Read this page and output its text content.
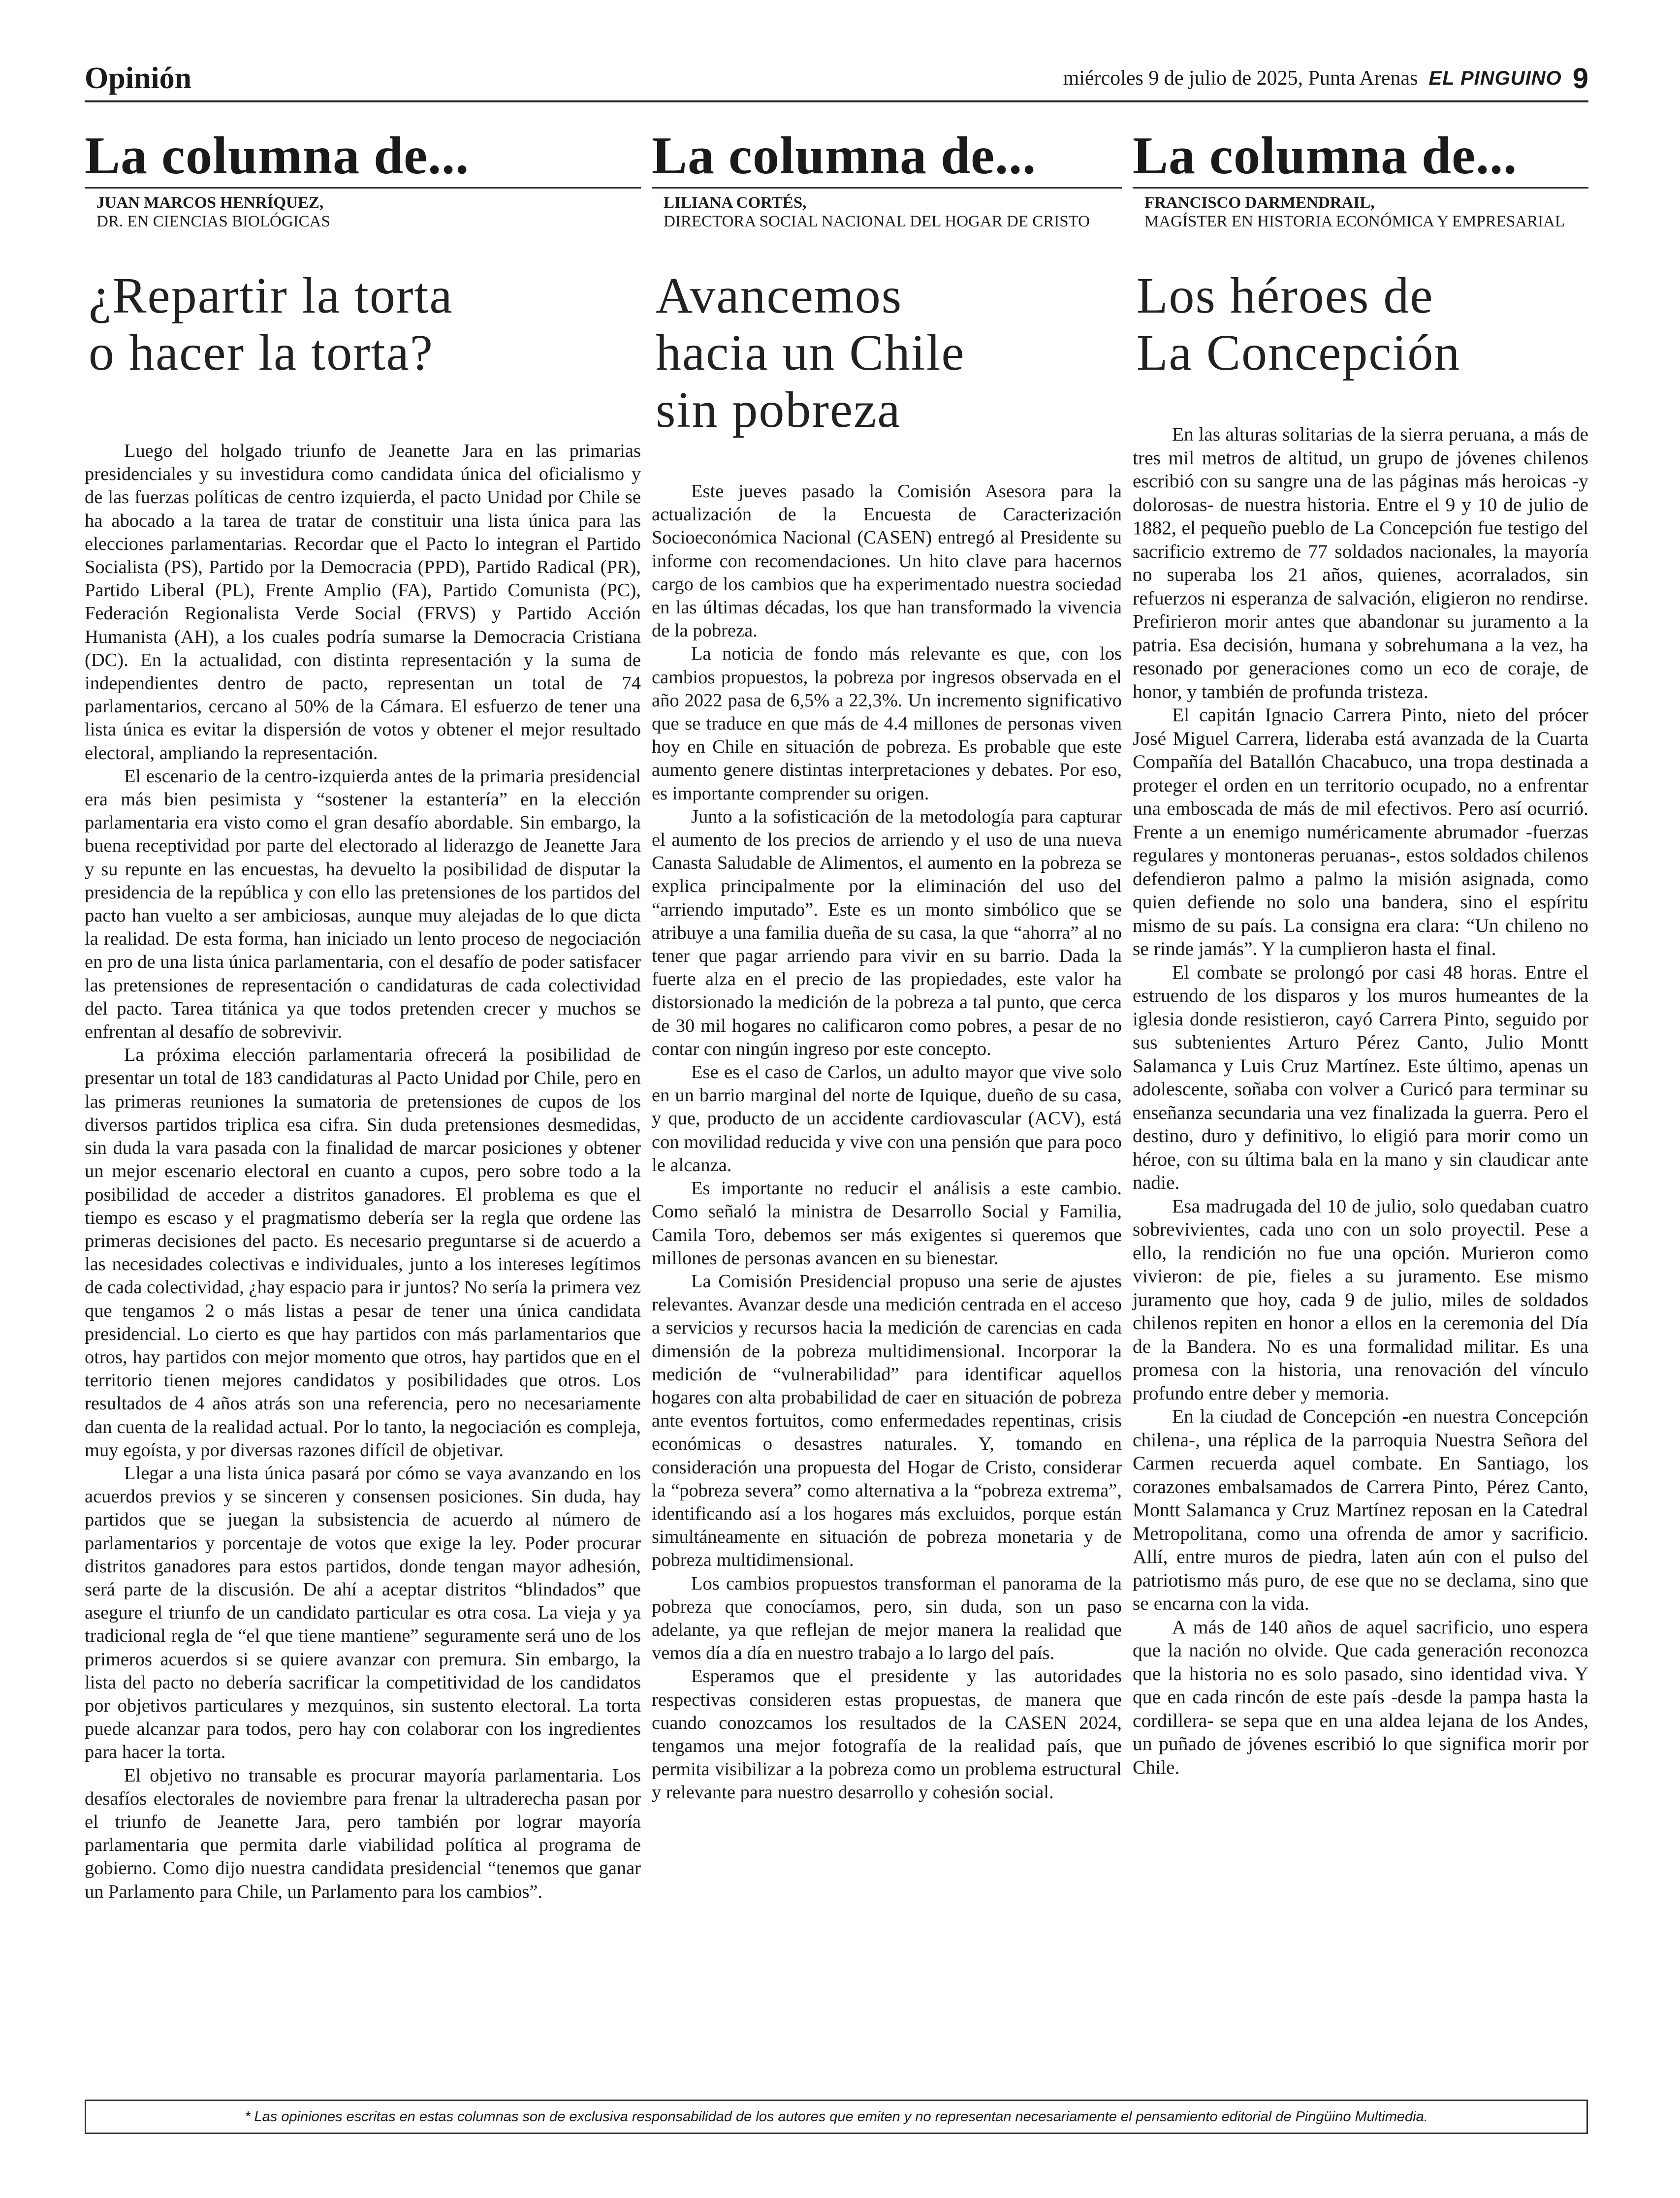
Opinión	miércoles 9 de julio de 2025, Punta Arenas EL PINGUINO 9
La columna de...
JUAN MARCOS HENRÍQUEZ,
DR. EN CIENCIAS BIOLÓGICAS
¿Repartir la torta
o hacer la torta?

Luego del holgado triunfo de Jeanette Jara en las primarias presidenciales y su investidura como candidata única del oficialismo y de las fuerzas políticas de centro izquierda, el pacto Unidad por Chile se ha abocado a la tarea de tratar de constituir una lista única para las elecciones parlamentarias. Recordar que el Pacto lo integran el Partido Socialista (PS), Partido por la Democracia (PPD), Partido Radical (PR), Partido Liberal (PL), Frente Amplio (FA), Partido Comunista (PC), Federación Regionalista Verde Social (FRVS) y Partido Acción Humanista (AH), a los cuales podría sumarse la Democracia Cristiana (DC). En la actualidad, con distinta representación y la suma de independientes dentro de pacto, representan un total de 74 parlamentarios, cercano al 50% de la Cámara. El esfuerzo de tener una lista única es evitar la dispersión de votos y obtener el mejor resultado electoral, ampliando la representación.

El escenario de la centro-izquierda antes de la primaria presidencial era más bien pesimista y “sostener la estantería” en la elección parlamentaria era visto como el gran desafío abordable. Sin embargo, la buena receptividad por parte del electorado al liderazgo de Jeanette Jara y su repunte en las encuestas, ha devuelto la posibilidad de disputar la presidencia de la república y con ello las pretensiones de los partidos del pacto han vuelto a ser ambiciosas, aunque muy alejadas de lo que dicta la realidad. De esta forma, han iniciado un lento proceso de negociación en pro de una lista única parlamentaria, con el desafío de poder satisfacer las pretensiones de representación o candidaturas de cada colectividad del pacto. Tarea titánica ya que todos pretenden crecer y muchos se enfrentan al desafío de sobrevivir.

La próxima elección parlamentaria ofrecerá la posibilidad de presentar un total de 183 candidaturas al Pacto Unidad por Chile, pero en las primeras reuniones la sumatoria de pretensiones de cupos de los diversos partidos triplica esa cifra. Sin duda pretensiones desmedidas, sin duda la vara pasada con la finalidad de marcar posiciones y obtener un mejor escenario electoral en cuanto a cupos, pero sobre todo a la posibilidad de acceder a distritos ganadores. El problema es que el tiempo es escaso y el pragmatismo debería ser la regla que ordene las primeras decisiones del pacto. Es necesario preguntarse si de acuerdo a las necesidades colectivas e individuales, junto a los intereses legítimos de cada colectividad, ¿hay espacio para ir juntos? No sería la primera vez que tengamos 2 o más listas a pesar de tener una única candidata presidencial. Lo cierto es que hay partidos con más parlamentarios que otros, hay partidos con mejor momento que otros, hay partidos que en el territorio tienen mejores candidatos y posibilidades que otros. Los resultados de 4 años atrás son una referencia, pero no necesariamente dan cuenta de la realidad actual. Por lo tanto, la negociación es compleja, muy egoísta, y por diversas razones difícil de objetivar.

Llegar a una lista única pasará por cómo se vaya avanzando en los acuerdos previos y se sinceren y consensen posiciones. Sin duda, hay partidos que se juegan la subsistencia de acuerdo al número de parlamentarios y porcentaje de votos que exige la ley. Poder procurar distritos ganadores para estos partidos, donde tengan mayor adhesión, será parte de la discusión. De ahí a aceptar distritos “blindados” que asegure el triunfo de un candidato particular es otra cosa. La vieja y ya tradicional regla de “el que tiene mantiene” seguramente será uno de los primeros acuerdos si se quiere avanzar con premura. Sin embargo, la lista del pacto no debería sacrificar la competitividad de los candidatos por objetivos particulares y mezquinos, sin sustento electoral. La torta puede alcanzar para todos, pero hay con colaborar con los ingredientes para hacer la torta.

El objetivo no transable es procurar mayoría parlamentaria. Los desafíos electorales de noviembre para frenar la ultraderecha pasan por el triunfo de Jeanette Jara, pero también por lograr mayoría parlamentaria que permita darle viabilidad política al programa de gobierno. Como dijo nuestra candidata presidencial “tenemos que ganar un Parlamento para Chile, un Parlamento para los cambios”.

La columna de...
LILIANA CORTÉS,
DIRECTORA SOCIAL NACIONAL DEL HOGAR DE CRISTO
Avancemos
hacia un Chile
sin pobreza

Este jueves pasado la Comisión Asesora para la actualización de la Encuesta de Caracterización Socioeconómica Nacional (CASEN) entregó al Presidente su informe con recomendaciones. Un hito clave para hacernos cargo de los cambios que ha experimentado nuestra sociedad en las últimas décadas, los que han transformado la vivencia de la pobreza.

La noticia de fondo más relevante es que, con los cambios propuestos, la pobreza por ingresos observada en el año 2022 pasa de 6,5% a 22,3%. Un incremento significativo que se traduce en que más de 4.4 millones de personas viven hoy en Chile en situación de pobreza. Es probable que este aumento genere distintas interpretaciones y debates. Por eso, es importante comprender su origen.

Junto a la sofisticación de la metodología para capturar el aumento de los precios de arriendo y el uso de una nueva Canasta Saludable de Alimentos, el aumento en la pobreza se explica principalmente por la eliminación del uso del “arriendo imputado”. Este es un monto simbólico que se atribuye a una familia dueña de su casa, la que “ahorra” al no tener que pagar arriendo para vivir en su barrio. Dada la fuerte alza en el precio de las propiedades, este valor ha distorsionado la medición de la pobreza a tal punto, que cerca de 30 mil hogares no calificaron como pobres, a pesar de no contar con ningún ingreso por este concepto.

Ese es el caso de Carlos, un adulto mayor que vive solo en un barrio marginal del norte de Iquique, dueño de su casa, y que, producto de un accidente cardiovascular (ACV), está con movilidad reducida y vive con una pensión que para poco le alcanza.

Es importante no reducir el análisis a este cambio. Como señaló la ministra de Desarrollo Social y Familia, Camila Toro, debemos ser más exigentes si queremos que millones de personas avancen en su bienestar.

La Comisión Presidencial propuso una serie de ajustes relevantes. Avanzar desde una medición centrada en el acceso a servicios y recursos hacia la medición de carencias en cada dimensión de la pobreza multidimensional. Incorporar la medición de “vulnerabilidad” para identificar aquellos hogares con alta probabilidad de caer en situación de pobreza ante eventos fortuitos, como enfermedades repentinas, crisis económicas o desastres naturales. Y, tomando en consideración una propuesta del Hogar de Cristo, considerar la “pobreza severa” como alternativa a la “pobreza extrema”, identificando así a los hogares más excluidos, porque están simultáneamente en situación de pobreza monetaria y de pobreza multidimensional.

Los cambios propuestos transforman el panorama de la pobreza que conocíamos, pero, sin duda, son un paso adelante, ya que reflejan de mejor manera la realidad que vemos día a día en nuestro trabajo a lo largo del país.

Esperamos que el presidente y las autoridades respectivas consideren estas propuestas, de manera que cuando conozcamos los resultados de la CASEN 2024, tengamos una mejor fotografía de la realidad país, que permita visibilizar a la pobreza como un problema estructural y relevante para nuestro desarrollo y cohesión social.

La columna de...
FRANCISCO DARMENDRAIL,
MAGÍSTER EN HISTORIA ECONÓMICA Y EMPRESARIAL
Los héroes de
La Concepción

En las alturas solitarias de la sierra peruana, a más de tres mil metros de altitud, un grupo de jóvenes chilenos escribió con su sangre una de las páginas más heroicas -y dolorosas- de nuestra historia. Entre el 9 y 10 de julio de 1882, el pequeño pueblo de La Concepción fue testigo del sacrificio extremo de 77 soldados nacionales, la mayoría no superaba los 21 años, quienes, acorralados, sin refuerzos ni esperanza de salvación, eligieron no rendirse. Prefirieron morir antes que abandonar su juramento a la patria. Esa decisión, humana y sobrehumana a la vez, ha resonado por generaciones como un eco de coraje, de honor, y también de profunda tristeza.

El capitán Ignacio Carrera Pinto, nieto del prócer José Miguel Carrera, lideraba está avanzada de la Cuarta Compañía del Batallón Chacabuco, una tropa destinada a proteger el orden en un territorio ocupado, no a enfrentar una emboscada de más de mil efectivos. Pero así ocurrió. Frente a un enemigo numéricamente abrumador -fuerzas regulares y montoneras peruanas-, estos soldados chilenos defendieron palmo a palmo la misión asignada, como quien defiende no solo una bandera, sino el espíritu mismo de su país. La consigna era clara: “Un chileno no se rinde jamás”. Y la cumplieron hasta el final.

El combate se prolongó por casi 48 horas. Entre el estruendo de los disparos y los muros humeantes de la iglesia donde resistieron, cayó Carrera Pinto, seguido por sus subtenientes Arturo Pérez Canto, Julio Montt Salamanca y Luis Cruz Martínez. Este último, apenas un adolescente, soñaba con volver a Curicó para terminar su enseñanza secundaria una vez finalizada la guerra. Pero el destino, duro y definitivo, lo eligió para morir como un héroe, con su última bala en la mano y sin claudicar ante nadie.

Esa madrugada del 10 de julio, solo quedaban cuatro sobrevivientes, cada uno con un solo proyectil. Pese a ello, la rendición no fue una opción. Murieron como vivieron: de pie, fieles a su juramento. Ese mismo juramento que hoy, cada 9 de julio, miles de soldados chilenos repiten en honor a ellos en la ceremonia del Día de la Bandera. No es una formalidad militar. Es una promesa con la historia, una renovación del vínculo profundo entre deber y memoria.

En la ciudad de Concepción -en nuestra Concepción chilena-, una réplica de la parroquia Nuestra Señora del Carmen recuerda aquel combate. En Santiago, los corazones embalsamados de Carrera Pinto, Pérez Canto, Montt Salamanca y Cruz Martínez reposan en la Catedral Metropolitana, como una ofrenda de amor y sacrificio. Allí, entre muros de piedra, laten aún con el pulso del patriotismo más puro, de ese que no se declama, sino que se encarna con la vida.

A más de 140 años de aquel sacrificio, uno espera que la nación no olvide. Que cada generación reconozca que la historia no es solo pasado, sino identidad viva. Y que en cada rincón de este país -desde la pampa hasta la cordillera- se sepa que en una aldea lejana de los Andes, un puñado de jóvenes escribió lo que significa morir por Chile.

* Las opiniones escritas en estas columnas son de exclusiva responsabilidad de los autores que emiten y no representan necesariamente el pensamiento editorial de Pingüino Multimedia.
